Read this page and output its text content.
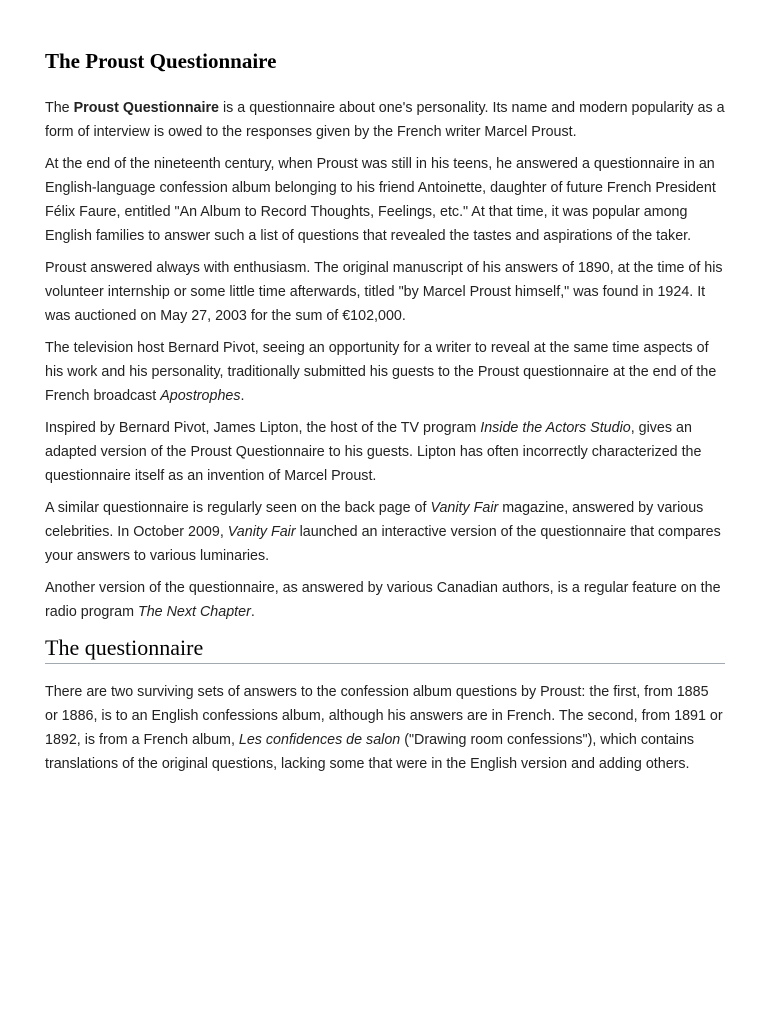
The Proust Questionnaire

The Proust Questionnaire is a questionnaire about one's personality. Its name and modern popularity as a form of interview is owed to the responses given by the French writer Marcel Proust.

At the end of the nineteenth century, when Proust was still in his teens, he answered a questionnaire in an English-language confession album belonging to his friend Antoinette, daughter of future French President Félix Faure, entitled "An Album to Record Thoughts, Feelings, etc." At that time, it was popular among English families to answer such a list of questions that revealed the tastes and aspirations of the taker.

Proust answered always with enthusiasm. The original manuscript of his answers of 1890, at the time of his volunteer internship or some little time afterwards, titled "by Marcel Proust himself," was found in 1924. It was auctioned on May 27, 2003 for the sum of €102,000.

The television host Bernard Pivot, seeing an opportunity for a writer to reveal at the same time aspects of his work and his personality, traditionally submitted his guests to the Proust questionnaire at the end of the French broadcast Apostrophes.

Inspired by Bernard Pivot, James Lipton, the host of the TV program Inside the Actors Studio, gives an adapted version of the Proust Questionnaire to his guests. Lipton has often incorrectly characterized the questionnaire itself as an invention of Marcel Proust.

A similar questionnaire is regularly seen on the back page of Vanity Fair magazine, answered by various celebrities. In October 2009, Vanity Fair launched an interactive version of the questionnaire that compares your answers to various luminaries.

Another version of the questionnaire, as answered by various Canadian authors, is a regular feature on the radio program The Next Chapter.

The questionnaire

There are two surviving sets of answers to the confession album questions by Proust: the first, from 1885 or 1886, is to an English confessions album, although his answers are in French. The second, from 1891 or 1892, is from a French album, Les confidences de salon ("Drawing room confessions"), which contains translations of the original questions, lacking some that were in the English version and adding others.
